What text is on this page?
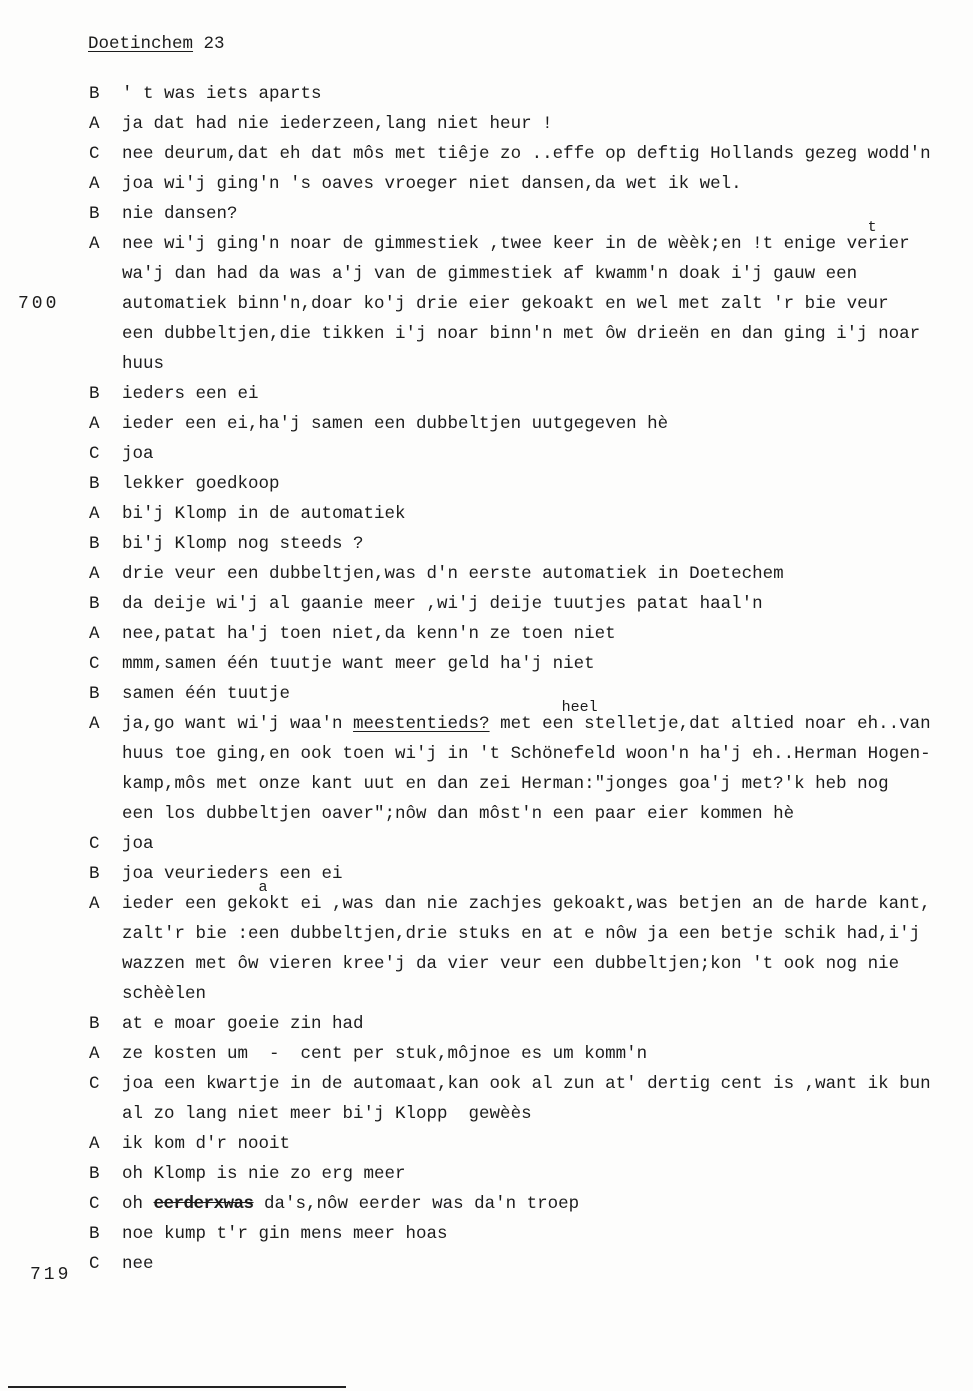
Doetinchem 23
B ' t was iets aparts
A ja dat had nie iederzeen,lang niet heur !
C nee deurum,dat eh dat môs met tiêje zo ..effe op deftig Hollands gezeg wodd'n
A joa wi'j ging'n 's oaves vroeger niet dansen,da wet ik wel.
B nie dansen?
A nee wi'j ging'n noar de gimmestiek ,twee keer in de wèèk;en !t enige verier
t
wa'j dan had da was a'j van de gimmestiek af kwamm'n doak i'j gauw een
automatiek binn'n,doar ko'j drie eier gekoakt en wel met zalt 'r bie veur
een dubbeltjen,die tikken i'j noar binn'n met ôw drieën en dan ging i'j noar
huus
B ieders een ei
A ieder een ei,ha'j samen een dubbeltjen uutgegeven hè
C joa
B lekker goedkoop
A bi'j Klomp in de automatiek
B bi'j Klomp nog steeds ?
A drie veur een dubbeltjen,was d'n eerste automatiek in Doetechem
B da deije wi'j al gaanie meer ,wi'j deije tuutjes patat haal'n
A nee,patat ha'j toen niet,da kenn'n ze toen niet
C mmm,samen één tuutje want meer geld ha'j niet
B samen één tuutje
A ja,go want wi'j waa'n meestentieds? met een
heel
stelletje,dat altied noar eh..van
huus toe ging,en ook toen wi'j in 't Schönefeld woon'n ha'j eh..Herman Hogen-
kamp,môs met onze kant uut en dan zei Herman:"jonges goa'j met?'k heb nog
een los dubbeltjen oaver";nôw dan môst'n een paar eier kommen hè
C joa
B joa veurieders een ei
A ieder een gekokt
a
ei ,was dan nie zachjes gekoakt,was betjen an de harde kant,
zalt'r bie :een dubbeltjen,drie stuks en at e nôw ja een betje schik had,i'j
wazzen met ôw vieren kree'j da vier veur een dubbeltjen;kon 't ook nog nie
schèèlen
B at e moar goeie zin had
A ze kosten um  -  cent per stuk,môjnoe es um komm'n
C joa een kwartje in de automaat,kan ook al zun at' dertig cent is ,want ik bun
al zo lang niet meer bi'j Klopp  gewèès
A ik kom d'r nooit
B oh Klomp is nie zo erg meer
C oh eerderxwas da's,nôw eerder was da'n troep
B noe kump t'r gin mens meer hoas
C nee
700
719
